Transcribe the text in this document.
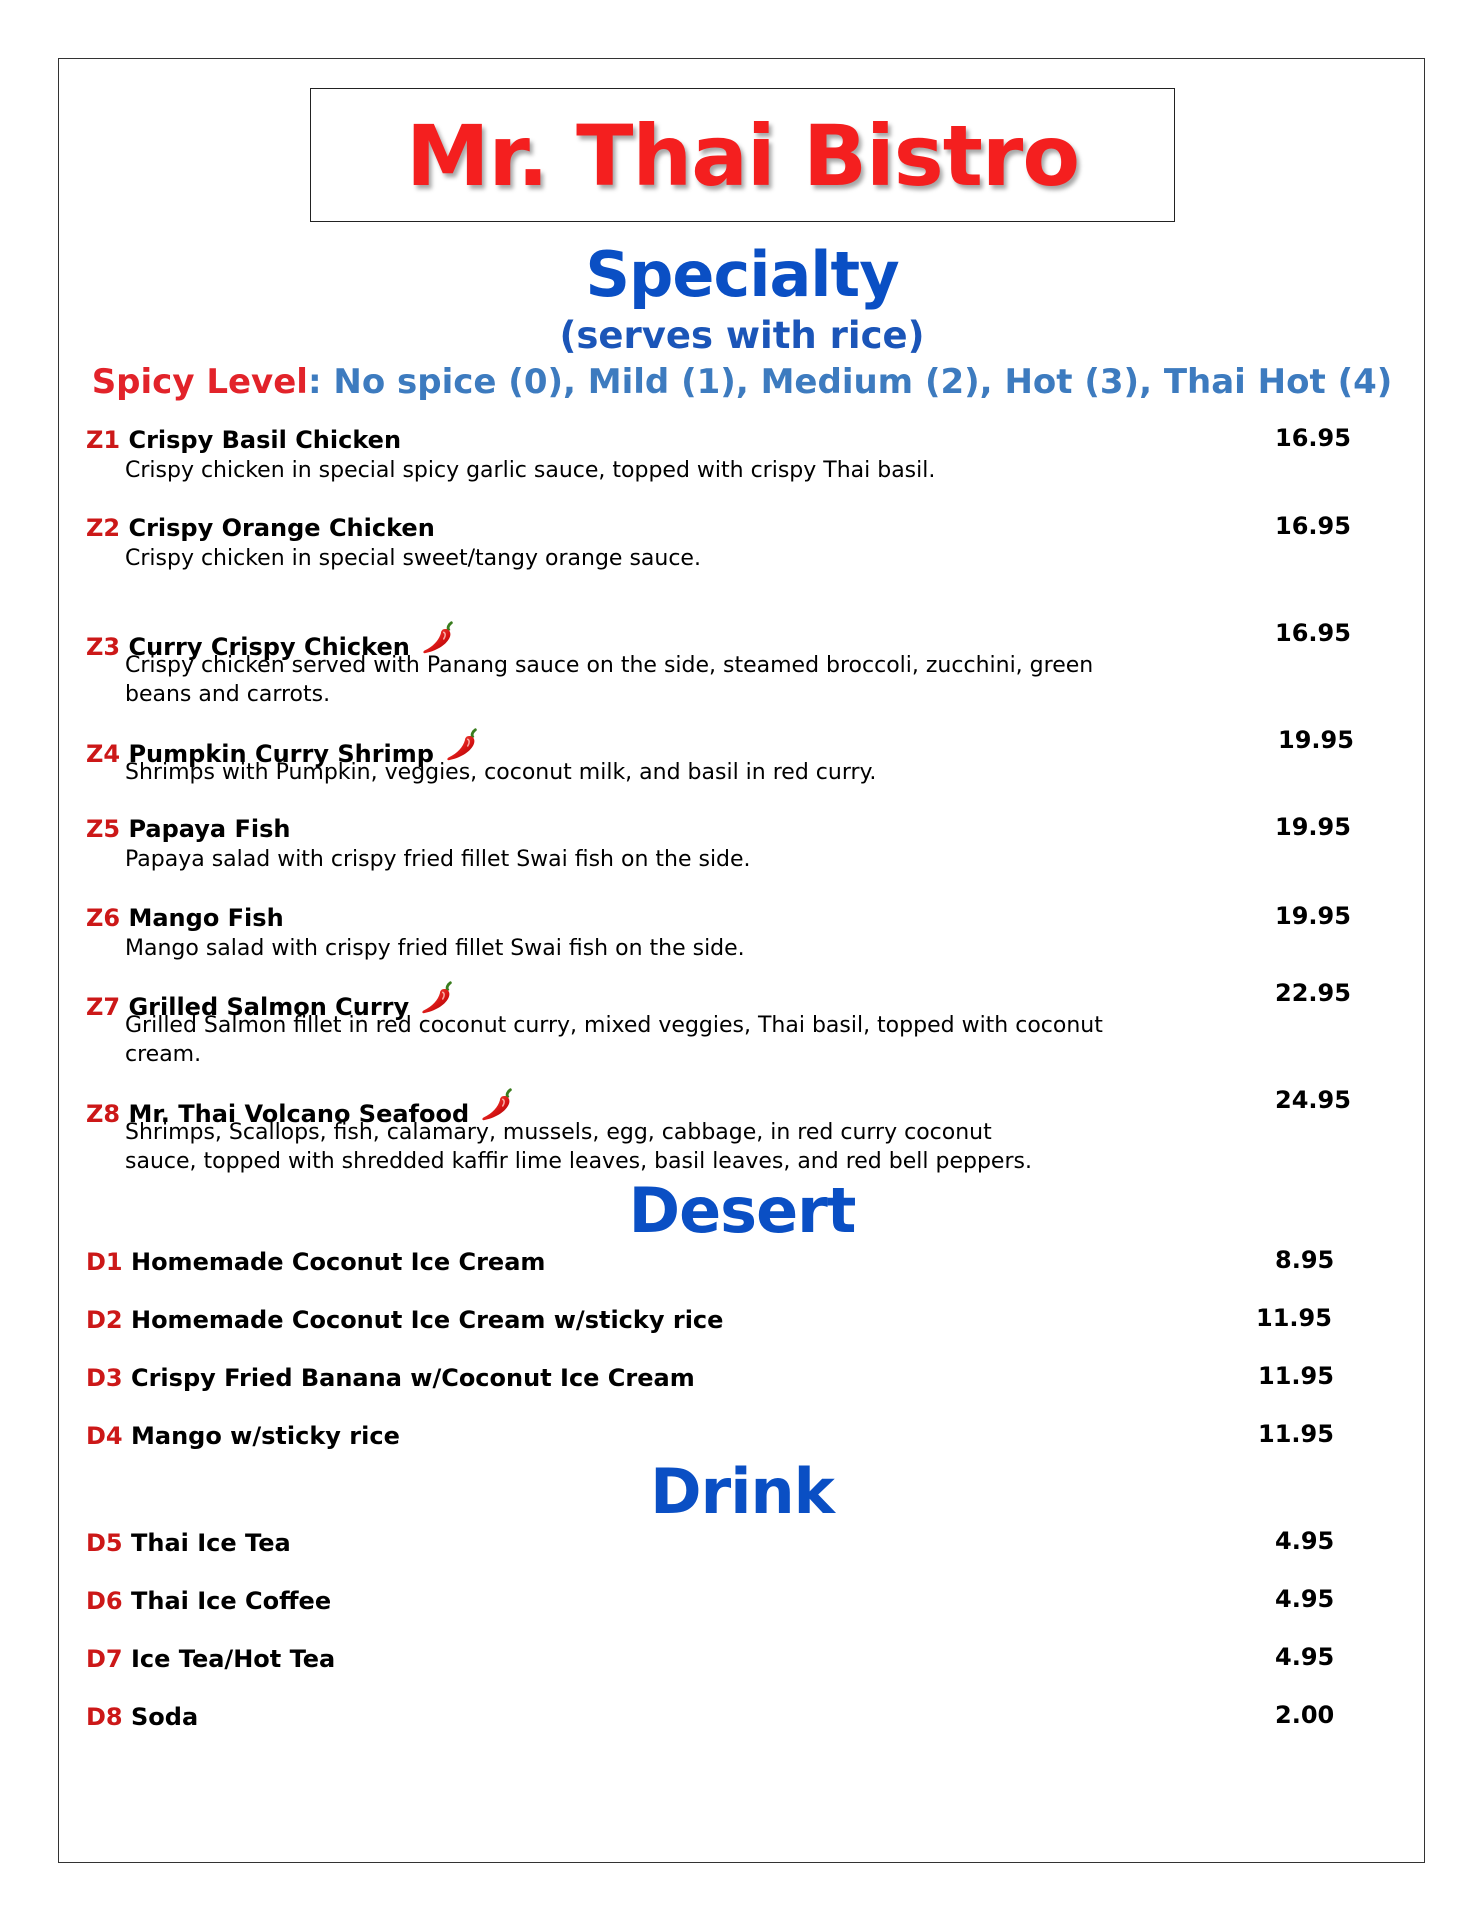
Mr. Thai Bistro
Specialty
(serves with rice)
Spicy Level: No spice (0), Mild (1), Medium (2), Hot (3), Thai Hot (4)
Z1 Crispy Basil Chicken	16.95
Crispy chicken in special spicy garlic sauce, topped with crispy Thai basil.
Z2 Crispy Orange Chicken	16.95
Crispy chicken in special sweet/tangy orange sauce.
Z3 Curry Crispy Chicken	16.95
Crispy chicken served with Panang sauce on the side, steamed broccoli, zucchini, green beans and carrots.
Z4 Pumpkin Curry Shrimp	19.95
Shrimps with Pumpkin, veggies, coconut milk, and basil in red curry.
Z5 Papaya Fish	19.95
Papaya salad with crispy fried fillet Swai fish on the side.
Z6 Mango Fish	19.95
Mango salad with crispy fried fillet Swai fish on the side.
Z7 Grilled Salmon Curry	22.95
Grilled Salmon fillet in red coconut curry, mixed veggies, Thai basil, topped with coconut cream.
Z8 Mr. Thai Volcano Seafood	24.95
Shrimps, Scallops, fish, calamary, mussels, egg, cabbage, in red curry coconut sauce, topped with shredded kaffir lime leaves, basil leaves, and red bell peppers.
Desert
D1 Homemade Coconut Ice Cream	8.95
D2 Homemade Coconut Ice Cream w/sticky rice	11.95
D3 Crispy Fried Banana w/Coconut Ice Cream	11.95
D4 Mango w/sticky rice	11.95
Drink
D5 Thai Ice Tea	4.95
D6 Thai Ice Coffee	4.95
D7 Ice Tea/Hot Tea	4.95
D8 Soda	2.00
